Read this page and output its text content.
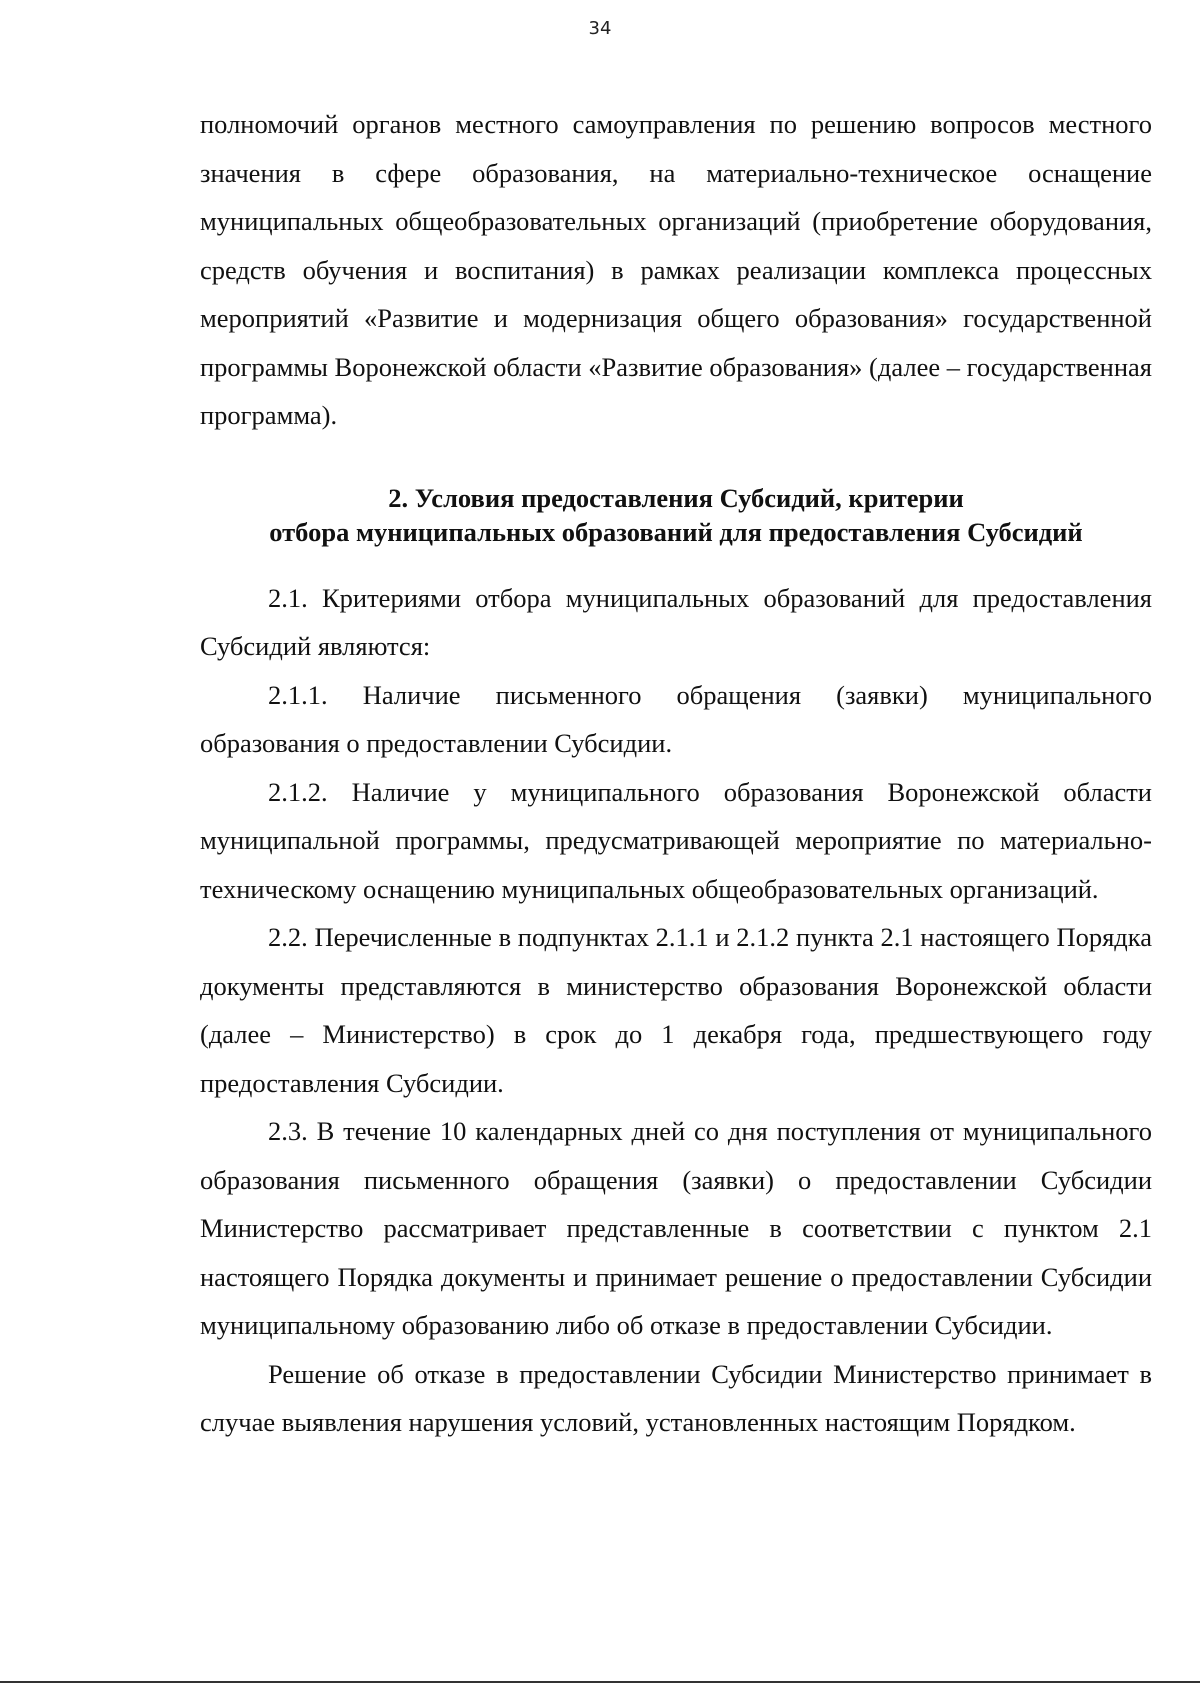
34

полномочий органов местного самоуправления по решению вопросов местного значения в сфере образования, на материально-техническое оснащение муниципальных общеобразовательных организаций (приобретение оборудования, средств обучения и воспитания) в рамках реализации комплекса процессных мероприятий «Развитие и модернизация общего образования» государственной программы Воронежской области «Развитие образования» (далее – государственная программа).

2. Условия предоставления Субсидий, критерии
отбора муниципальных образований для предоставления Субсидий

2.1. Критериями отбора муниципальных образований для предоставления Субсидий являются:

2.1.1. Наличие письменного обращения (заявки) муниципального образования о предоставлении Субсидии.

2.1.2. Наличие у муниципального образования Воронежской области муниципальной программы, предусматривающей мероприятие по материально-техническому оснащению муниципальных общеобразовательных организаций.

2.2. Перечисленные в подпунктах 2.1.1 и 2.1.2 пункта 2.1 настоящего Порядка документы представляются в министерство образования Воронежской области (далее – Министерство) в срок до 1 декабря года, предшествующего году предоставления Субсидии.

2.3. В течение 10 календарных дней со дня поступления от муниципального образования письменного обращения (заявки) о предоставлении Субсидии Министерство рассматривает представленные в соответствии с пунктом 2.1 настоящего Порядка документы и принимает решение о предоставлении Субсидии муниципальному образованию либо об отказе в предоставлении Субсидии.

Решение об отказе в предоставлении Субсидии Министерство принимает в случае выявления нарушения условий, установленных настоящим Порядком.
